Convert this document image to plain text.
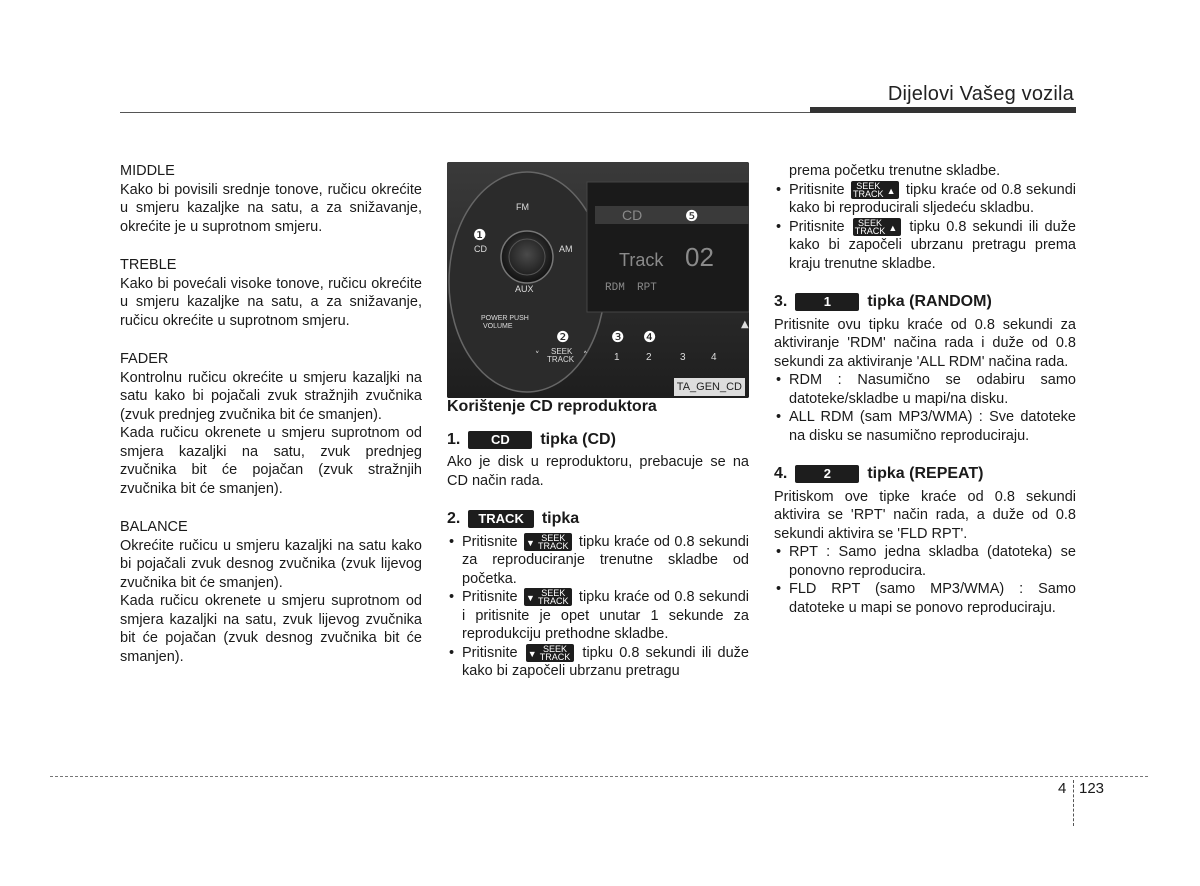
Dijelovi Vašeg vozila

MIDDLE

Kako bi povisili srednje tonove, ručicu okrećite u smjeru kazaljke na satu, a za snižavanje, okrećite je u suprotnom smjeru.

TREBLE

Kako bi povećali visoke tonove, ručicu okrećite u smjeru kazaljke na satu, a za snižavanje, ručicu okrećite u suprotnom smjeru.

FADER

Kontrolnu ručicu okrećite u smjeru kazaljki na satu kako bi pojačali zvuk stražnjih zvučnika (zvuk prednjeg zvučnika bit će smanjen).

Kada ručicu okrenete u smjeru suprotnom od smjera kazaljki na satu, zvuk prednjeg zvučnika bit će pojačan (zvuk stražnjih zvučnika bit će smanjen).

BALANCE

Okrećite ručicu u smjeru kazaljki na satu kako bi pojačali zvuk desnog zvučnika (zvuk lijevog zvučnika bit će smanjen).

Kada ručicu okrenete u smjeru suprotnom od smjera kazaljki na satu, zvuk lijevog zvučnika bit će pojačan (zvuk desnog zvučnika bit će smanjen).

CD
Track 02
RDM RPT
FM
CD	AM
AUX
POWER PUSH
VOLUME
SEEK
TRACK
˅	˄	1	2	3	4
❶
❷	❸ ❹
❺
▲
TA_GEN_CD

Korištenje CD reproduktora

1.	CD	tipka (CD)

Ako je disk u reproduktoru, prebacuje se na CD način rada.

2.	TRACK	tipka
• Pritisnite ▼ SEEK
TRACK tipku kraće od 0.8 sekundi za reproduciranje trenutne skladbe od početka.
• Pritisnite ▼ SEEK
TRACK tipku kraće od 0.8 sekundi i pritisnite je opet unutar 1 sekunde za reprodukciju prethodne skladbe.
• Pritisnite ▼ SEEK
TRACK tipku 0.8 sekundi ili duže kako bi započeli ubrzanu pretragu

prema početku trenutne skladbe.

• Pritisnite SEEK
TRACK ▲ tipku kraće od 0.8 sekundi kako bi reproducirali sljedeću skladbu.
• Pritisnite SEEK
TRACK ▲ tipku 0.8 sekundi ili duže kako bi započeli ubrzanu pretragu prema kraju trenutne skladbe.
3.	1	tipka (RANDOM)

Pritisnite ovu tipku kraće od 0.8 sekundi za aktiviranje 'RDM' načina rada i duže od 0.8 sekundi za aktiviranje 'ALL RDM' načina rada.

• RDM : Nasumično se odabiru samo datoteke/skladbe u mapi/na disku.
• ALL RDM (sam MP3/WMA) : Sve datoteke na disku se nasumično reproduciraju.
4.	2	tipka (REPEAT)

Pritiskom ove tipke kraće od 0.8 sekundi aktivira se 'RPT' način rada, a duže od 0.8 sekundi aktivira se 'FLD RPT'.

• RPT : Samo jedna skladba (datoteka) se ponovno reproducira.
• FLD RPT (samo MP3/WMA) : Samo datoteke u mapi se ponovo reproduciraju.
4 123
